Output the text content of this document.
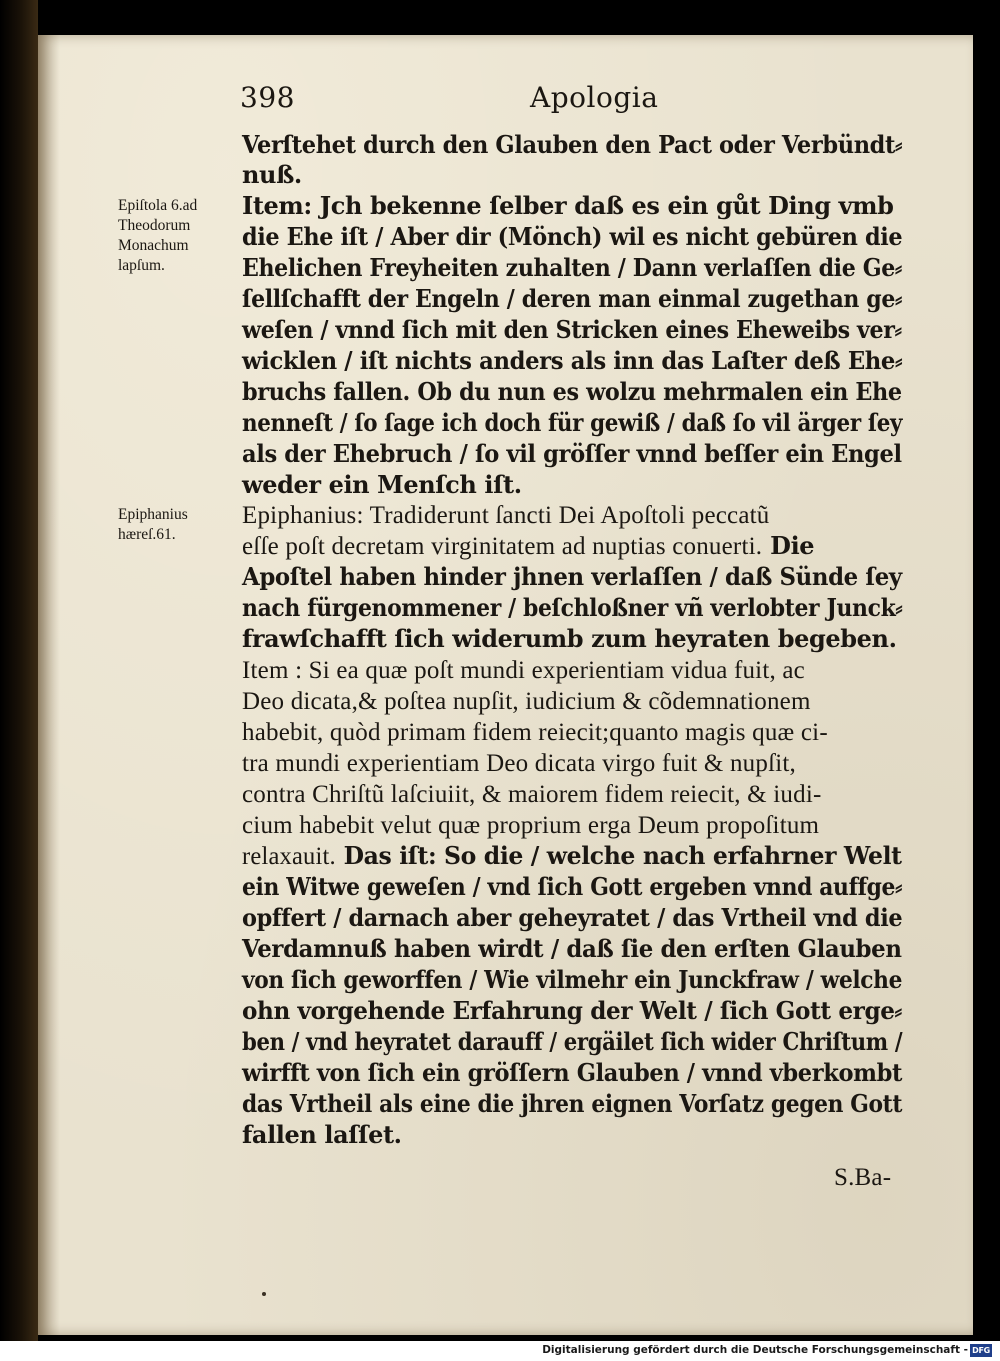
398	Apologia
Epiſtola 6.ad Theodorum Monachum lapſum.
Epiphanius hæreſ.61.
Verſtehet durch den Glauben den Pact oder Verbündt⸗
nuß.
Item: Jch bekenne ſelber daß es ein gůt Ding vmb
die Ehe iſt / Aber dir (Mönch) wil es nicht gebüren die
Ehelichen Freyheiten zuhalten / Dann verlaſſen die Ge⸗
ſellſchafft der Engeln / deren man einmal zugethan ge⸗
weſen / vnnd ſich mit den Stricken eines Eheweibs ver⸗
wicklen / iſt nichts anders als inn das Laſter deß Ehe⸗
bruchs fallen. Ob du nun es wolzu mehrmalen ein Ehe
nenneſt / ſo ſage ich doch für gewiß / daß ſo vil ärger ſey
als der Ehebruch / ſo vil gröſſer vnnd beſſer ein Engel
weder ein Menſch iſt.
Epiphanius: Tradiderunt ſancti Dei Apoſtoli peccatũ
eſſe poſt decretam virginitatem ad nuptias conuerti. Die
Apoſtel haben hinder jhnen verlaſſen / daß Sünde ſey
nach fürgenommener / beſchloßner vñ verlobter Junck⸗
frawſchafft ſich widerumb zum heyraten begeben.
Item : Si ea quæ poſt mundi experientiam vidua fuit, ac
Deo dicata,& poſtea nupſit, iudicium & cõdemnationem
habebit, quòd primam fidem reiecit;quanto magis quæ ci-
tra mundi experientiam Deo dicata virgo fuit & nupſit,
contra Chriſtũ laſciuiit, & maiorem fidem reiecit, & iudi-
cium habebit velut quæ proprium erga Deum propoſitum
relaxauit. Das iſt: So die / welche nach erfahrner Welt
ein Witwe geweſen / vnd ſich Gott ergeben vnnd auffge⸗
opffert / darnach aber geheyratet / das Vrtheil vnd die
Verdamnuß haben wirdt / daß ſie den erſten Glauben
von ſich geworffen / Wie vilmehr ein Junckfraw / welche
ohn vorgehende Erfahrung der Welt / ſich Gott erge⸗
ben / vnd heyratet darauff / ergäilet ſich wider Chriſtum /
wirfft von ſich ein gröſſern Glauben / vnnd vberkombt
das Vrtheil als eine die jhren eignen Vorſatz gegen Gott
fallen laſſet.
S.Ba-
Digitalisierung gefördert durch die Deutsche Forschungsgemeinschaft - DFG
